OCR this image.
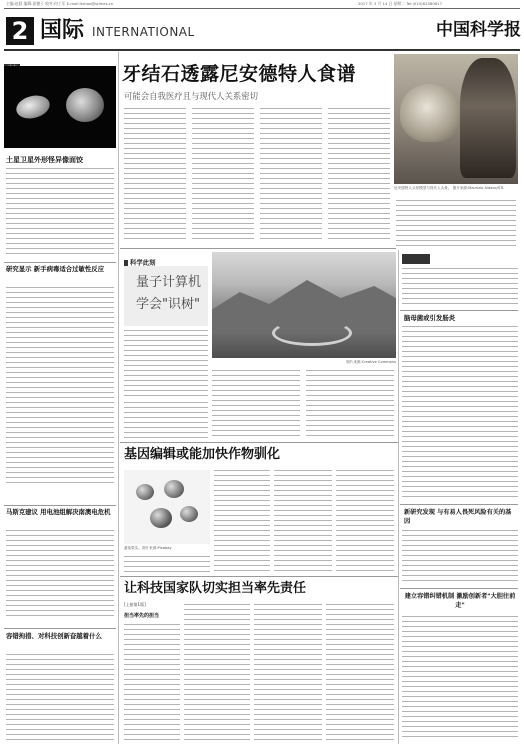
主编:赵晨 编辑:邱德子 校对:何工军 E-mail:ltzhao@stimes.cn	2017 年 3 月 14 日 星期二 Tel:(010)62580617
2 国际 INTERNATIONAL	中国科学报
土星卫星外形怪异像面饺
研究显示 新手病毒适合过敏性反应
马斯克建议 用电池组解决南澳电危机
容错拘措、对科技创新奋越着什么
牙结石透露尼安德特人食谱
可能会自我医疗且与现代人关系密切
尼安德特人头骨模型与现代人头骨。 图片来源:Maurizio Aldaco/STL
科学此刻
量子计算机
学会"识树"
图片来源:Creative Commons
脑母菌或引发肠炎
新研究发现 与有易人畏死风险有关的基因
建立容错纠错机制 激励创新者"大胆往前走"
基因编辑或能加快作物驯化
番茄果实。图片来源:Pixabay
让科技国家队切实担当率先责任
[上接第1版]
担当率先的担当
